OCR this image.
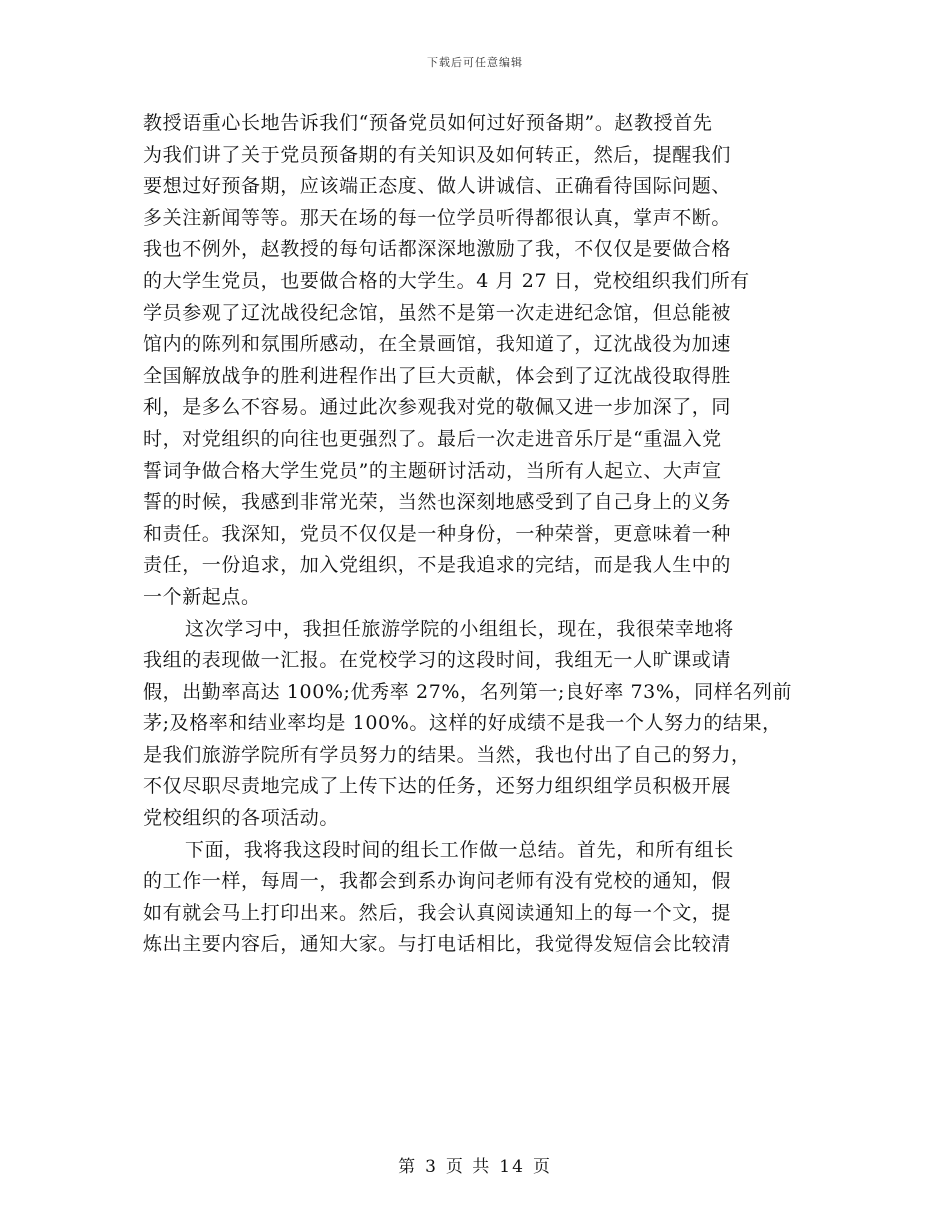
下载后可任意编辑
教授语重心长地告诉我们“预备党员如何过好预备期”。赵教授首先
为我们讲了关于党员预备期的有关知识及如何转正，然后，提醒我们
要想过好预备期，应该端正态度、做人讲诚信、正确看待国际问题、
多关注新闻等等。那天在场的每一位学员听得都很认真，掌声不断。
我也不例外，赵教授的每句话都深深地激励了我，不仅仅是要做合格
的大学生党员，也要做合格的大学生。4 月 27 日，党校组织我们所有
学员参观了辽沈战役纪念馆，虽然不是第一次走进纪念馆，但总能被
馆内的陈列和氛围所感动，在全景画馆，我知道了，辽沈战役为加速
全国解放战争的胜利进程作出了巨大贡献，体会到了辽沈战役取得胜
利，是多么不容易。通过此次参观我对党的敬佩又进一步加深了，同
时，对党组织的向往也更强烈了。最后一次走进音乐厅是“重温入党
誓词争做合格大学生党员”的主题研讨活动，当所有人起立、大声宣
誓的时候，我感到非常光荣，当然也深刻地感受到了自己身上的义务
和责任。我深知，党员不仅仅是一种身份，一种荣誉，更意味着一种
责任，一份追求，加入党组织，不是我追求的完结，而是我人生中的
一个新起点。
这次学习中，我担任旅游学院的小组组长，现在，我很荣幸地将
我组的表现做一汇报。在党校学习的这段时间，我组无一人旷课或请
假，出勤率高达 100%;优秀率 27%，名列第一;良好率 73%，同样名列前
茅;及格率和结业率均是 100%。这样的好成绩不是我一个人努力的结果，
是我们旅游学院所有学员努力的结果。当然，我也付出了自己的努力，
不仅尽职尽责地完成了上传下达的任务，还努力组织组学员积极开展
党校组织的各项活动。
下面，我将我这段时间的组长工作做一总结。首先，和所有组长
的工作一样，每周一，我都会到系办询问老师有没有党校的通知，假
如有就会马上打印出来。然后，我会认真阅读通知上的每一个文，提
炼出主要内容后，通知大家。与打电话相比，我觉得发短信会比较清
第 3 页 共 14 页
